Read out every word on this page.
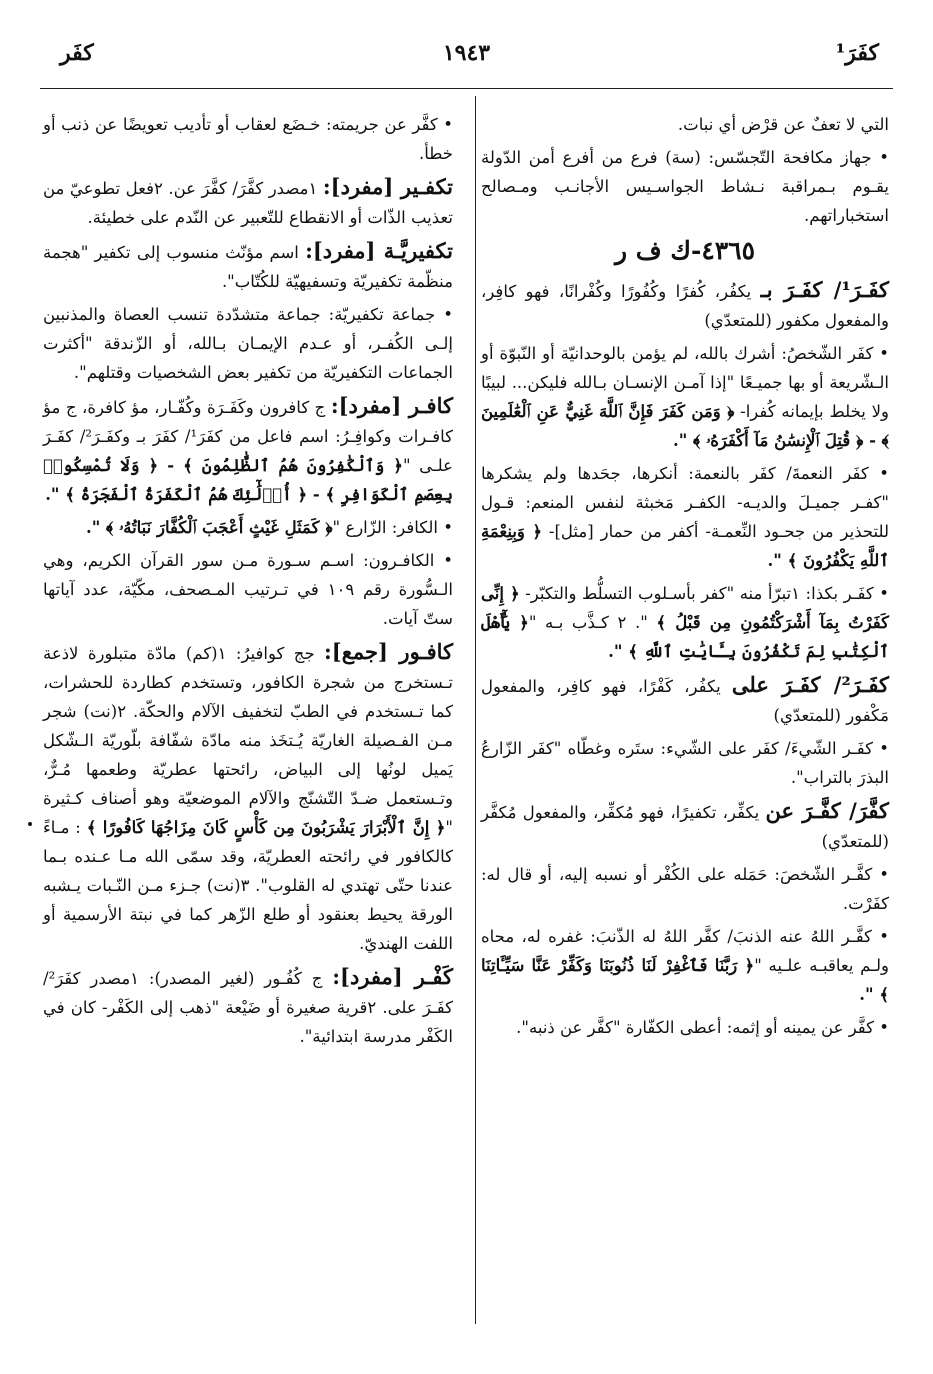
كفَرَ¹
١٩٤٣
كفَر

التي لا تعفٌ عن قرْض أي نبات.

• جهاز مكافحة التّجسّس: (سة) فرع من أفرع أمن الدّولة يقـوم بـمراقبة نـشاط الجواسـيس الأجانـب ومـصالح استخباراتهم.

٤٣٦٥-ك ف ر

كفَـرَ¹/ كفَـرَ بـ يكفُر، كُفرًا وكُفُورًا وكُفْرانًا، فهو كافِر، والمفعول مكفور (للمتعدّي)

• كفَر الشّخصُ: أشرك بالله، لم يؤمن بالوحدانيّة أو النّبوّة أو الـشّريعة أو بها جميـعًا "إذا آمـن الإنسـان بـالله فليكن... لبيبًا ولا يخلط بإيمانه كُفرا- ﴿ وَمَن كَفَرَ فَإِنَّ ٱللَّهَ غَنِيٌّ عَنِ ٱلْعَٰلَمِينَ ﴾ - ﴿ قُتِلَ ٱلْإِنسَٰنُ مَآ أَكْفَرَهُۥ ﴾ ".

• كفَر النعمةَ/ كفَر بالنعمة: أنكرها، جحَدها ولم يشكرها "كفـر جميـلَ والديـه- الكفـر مَخبثة لنفس المنعم: قـول للتحذير من جحـود النِّعمـة- أكفر من حمار [مثل]- ﴿ وَبِنِعْمَةِ ٱللَّهِ يَكْفُرُونَ ﴾ ".

• كفَـر بكذا: ١تبرّأ منه "كفر بأسـلوب التسلُّط والتكبّر- ﴿ إِنِّى كَفَرْتُ بِمَآ أَشْرَكْتُمُونِ مِن قَبْلُ ﴾ ". ٢ كـذَّب بـه "﴿ يَٰٓأَهْلَ ٱلْكِتَٰبِ لِمَ تَكْفُرُونَ بِـَٔايَٰتِ ٱللَّهِ ﴾ ".

كفَـرَ²/ كفَـرَ على يكفُر، كَفْرًا، فهو كافِر، والمفعول مَكْفور (للمتعدّي)

• كفَـر الشّيءَ/ كفَر على الشّيء: ستَره وغطّاه "كفَر الزّارعُ البذرَ بالتراب".

كفَّرَ/ كفَّـرَ عن يكفِّر، تكفيرًا، فهو مُكفِّر، والمفعول مُكفَّر (للمتعدّي)

• كفَّـر الشّخصَ: حَمَله على الكُفْر أو نسبه إليه، أو قال له: كفَرْت.

• كفَّـر اللهُ عنه الذنبَ/ كفَّر اللهُ له الذّنبَ: غفره له، محاه ولـم يعاقبـه علـيه "﴿ رَبَّنَا فَٱغْفِرْ لَنَا ذُنُوبَنَا وَكَفِّرْ عَنَّا سَيِّـَٔاتِنَا ﴾ ".

• كفَّر عن يمينه أو إثمه: أعطى الكفّارة "كفَّر عن ذنبه".

• كفَّر عن جريمته: خـضَع لعقاب أو تأديب تعويضًا عن ذنب أو خطأ.

تكفـير [مفرد]: ١مصدر كفَّرَ/ كفَّرَ عن. ٢فعل تطوعيّ من تعذيب الذّات أو الانقطاع للتّعبير عن النّدم على خطيئة.

تكفيريَّـة [مفرد]: اسم مؤنّث منسوب إلى تكفير "هجمة منظّمة تكفيريّة وتسفيهيّة للكُتّاب".

• جماعة تكفيريّة: جماعة متشدّدة تنسب العصاة والمذنبين إلـى الكُفـر، أو عـدم الإيمـان بـالله، أو الزّندقة "أكثرت الجماعات التكفيريّة من تكفير بعض الشخصيات وقتلهم".

كافـر [مفرد]: ج كافرون وكَفَـرَة وكُفّـار، مؤ كافرة، ج مؤ كافـرات وكوافِـرُ: اسم فاعل من كفَرَ¹/ كفَرَ بـ وكفَـرَ²/ كفَـرَ علـى "﴿ وَٱلْكَٰفِرُونَ هُمُ ٱلظَّٰلِمُونَ ﴾ - ﴿ وَلَا تُمْسِكُوا۟ بِعِصَمِ ٱلْكَوَافِرِ ﴾ - ﴿ أُو۟لَٰٓئِكَ هُمُ ٱلْكَفَرَةُ ٱلْفَجَرَةُ ﴾ ".

• الكافر: الزّارع "﴿ كَمَثَلِ غَيْثٍ أَعْجَبَ ٱلْكُفَّارَ نَبَاتُهُۥ ﴾ ".

• الكافـرون: اسـم سـورة مـن سور القرآن الكريم، وهي الـسُّورة رقم ١٠٩ في تـرتيب المـصحف، مكّيّة، عدد آياتها ستّ آيات.

كافـور [جمع]: جج كوافيرُ: ١(كم) مادّة متبلورة لاذعة تـستخرج من شجرة الكافور، وتستخدم كطاردة للحشرات، كما تـستخدم في الطبّ لتخفيف الآلام والحكّة. ٢(نت) شجر مـن الفـصيلة الغاريّة يُـتخَذ منه مادّة شفّافة بلّوريّة الـشّكل يَميل لونُها إلى البياض، رائحتها عطريّة وطعمها مُـرٌّ، وتـستعمل ضـدّ التّشنّج والآلام الموضعيّة وهو أصناف كـثيرة "﴿ إِنَّ ٱلْأَبْرَارَ يَشْرَبُونَ مِن كَأْسٍ كَانَ مِزَاجُهَا كَافُورًا ﴾ : مـاءً كالكافور في رائحته العطريّة، وقد سمّى الله مـا عـنده بـما عندنا حتّى تهتدي له القلوب". ٣(نت) جـزء مـن النّـبات يـشبه الورقة يحيط بعنقود أو طلع الزّهر كما في نبتة الأرسمية أو اللفت الهنديّ.

كَفْـر [مفرد]: ج كُفُـور (لغير المصدر): ١مصدر كفَرَ²/ كفَـرَ على. ٢قرية صغيرة أو ضَيْعة "ذهب إلى الكَفْر- كان في الكَفْر مدرسة ابتدائية".
